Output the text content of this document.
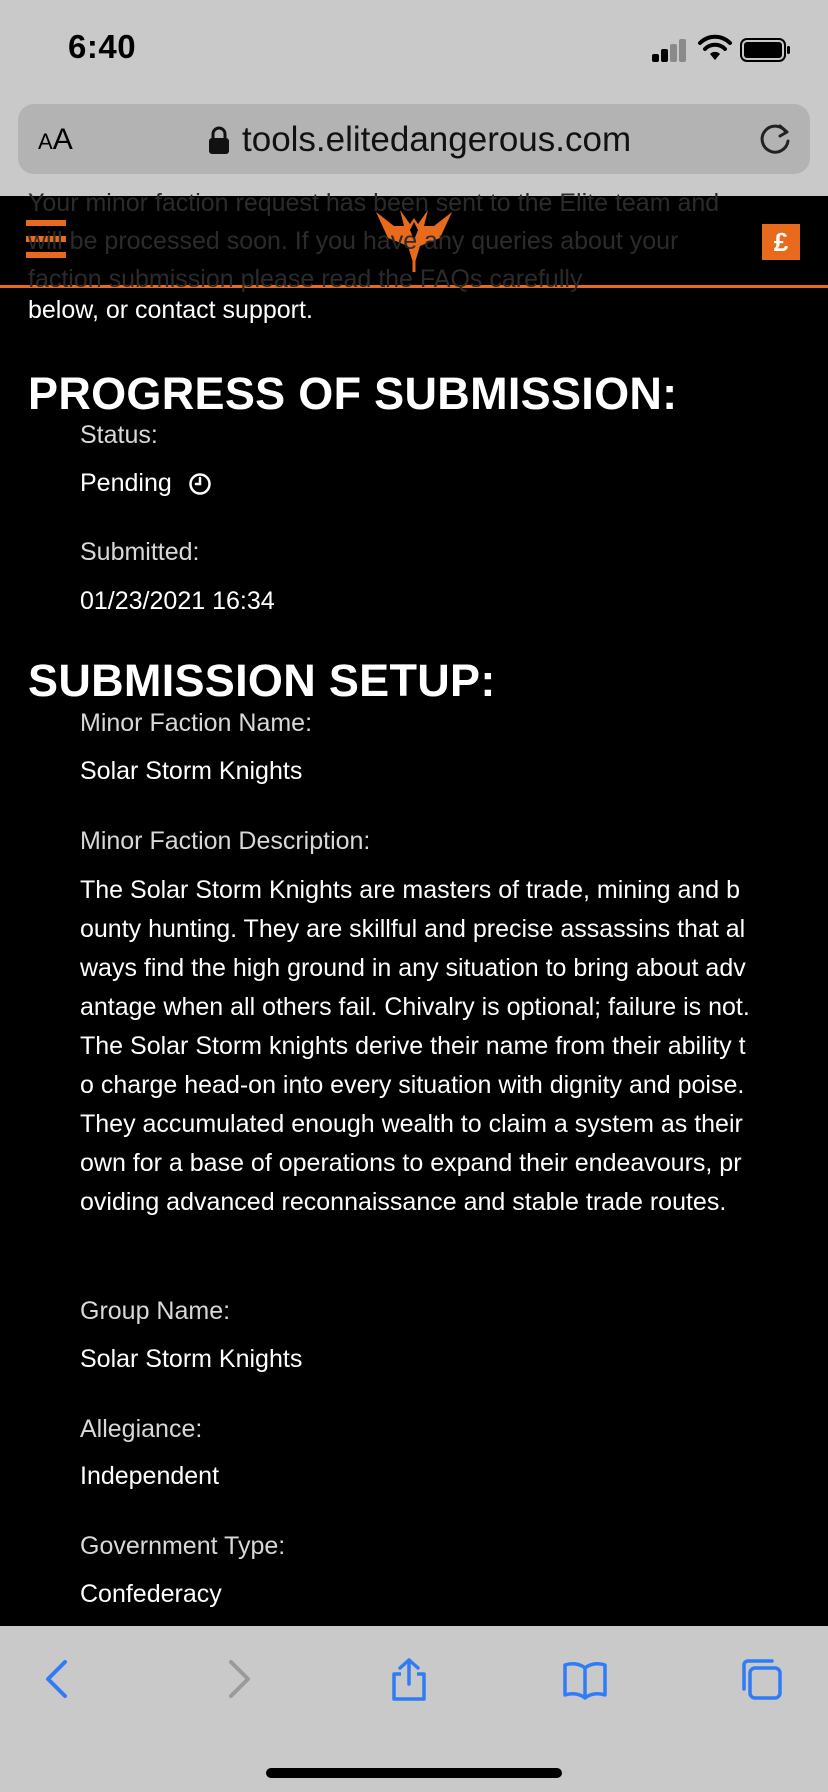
6:40
AA	tools.elitedangerous.com
£
Your minor faction request has been sent to the Elite team and will be processed soon. If you have any queries about your faction submission please read the FAQs carefully
below, or contact support.
PROGRESS OF SUBMISSION:
Status:
Pending
Submitted:
01/23/2021 16:34
SUBMISSION SETUP:
Minor Faction Name:
Solar Storm Knights
Minor Faction Description:
The Solar Storm Knights are masters of trade, mining and bounty hunting. They are skillful and precise assassins that always find the high ground in any situation to bring about advantage when all others fail. Chivalry is optional; failure is not. The Solar Storm knights derive their name from their ability to charge head-on into every situation with dignity and poise. They accumulated enough wealth to claim a system as their own for a base of operations to expand their endeavours, providing advanced reconnaissance and stable trade routes.
Group Name:
Solar Storm Knights
Allegiance:
Independent
Government Type:
Confederacy
